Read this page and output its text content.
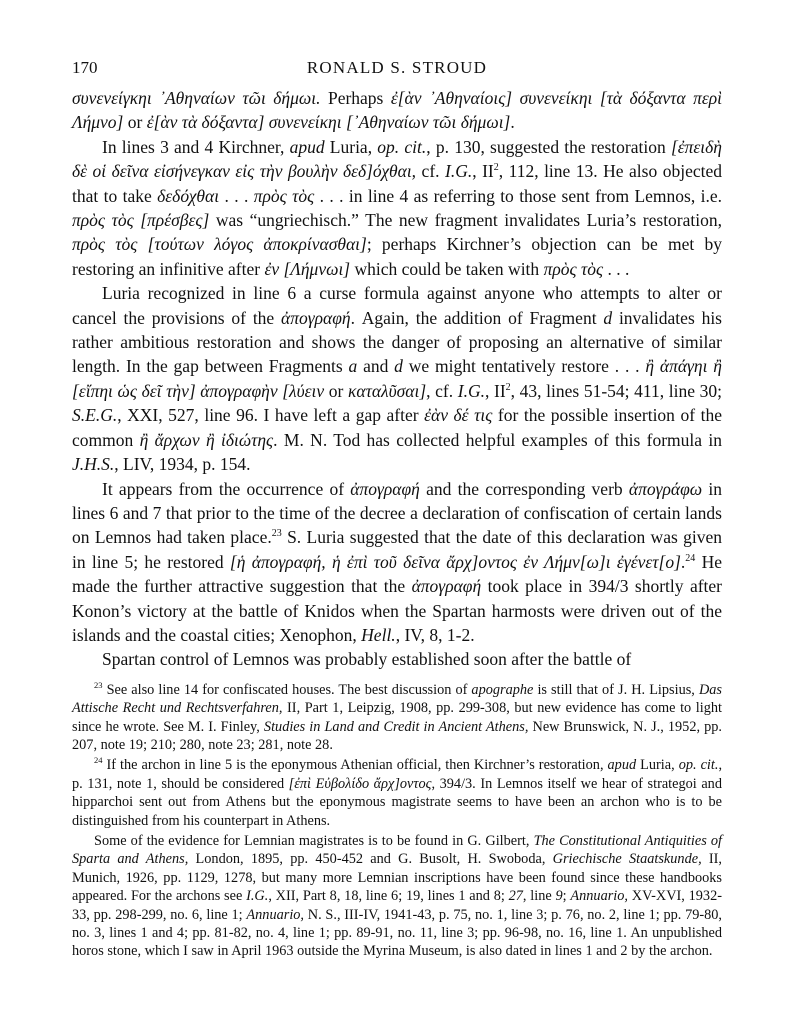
170	RONALD S. STROUD

συνενείγκηι ᾽Αθηναίων τῶι δήμωι. Perhaps ἐ[ὰν ᾽Αθηναίοις] συνενείκηι [τὰ δόξαντα περὶ Λήμνο] or ἐ[ὰν τὰ δόξαντα] συνενείκηι [᾽Αθηναίων τῶι δήμωι].

In lines 3 and 4 Kirchner, apud Luria, op. cit., p. 130, suggested the restoration [ἐπειδὴ δὲ οἱ δεῖνα εἰσήνεγκαν εἰς τὴν βουλὴν δεδ]όχθαι, cf. I.G., $II^2$, 112, line 13. He also objected that to take δεδόχθαι . . . πρὸς τὸς . . . in line 4 as referring to those sent from Lemnos, i.e. πρὸς τὸς [πρέσβες] was “ungriechisch.” The new fragment invalidates Luria’s restoration, πρὸς τὸς [τούτων λόγος ἀποκρίνασθαι]; perhaps Kirchner’s objection can be met by restoring an infinitive after ἐν [Λήμνωι] which could be taken with πρὸς τὸς . . .

Luria recognized in line 6 a curse formula against anyone who attempts to alter or cancel the provisions of the ἀπογραφή. Again, the addition of Fragment d invalidates his rather ambitious restoration and shows the danger of proposing an alternative of similar length. In the gap between Fragments a and d we might tentatively restore . . . ἢ ἀπάγηι ἢ [εἴπηι ὡς δεῖ τὴν] ἀπογραφὴν [λύειν or καταλῦσαι], cf. I.G., $II^2$, 43, lines 51-54; 411, line 30; S.E.G., XXI, 527, line 96. I have left a gap after ἐὰν δέ τις for the possible insertion of the common ἢ ἄρχων ἢ ἰδιώτης. M. N. Tod has collected helpful examples of this formula in J.H.S., LIV, 1934, p. 154.

It appears from the occurrence of ἀπογραφή and the corresponding verb ἀπογράφω in lines 6 and 7 that prior to the time of the decree a declaration of confiscation of certain lands on Lemnos had taken place.$^{23}$ S. Luria suggested that the date of this declaration was given in line 5; he restored [ἡ ἀπογραφή, ἡ ἐπὶ τοῦ δεῖνα ἄρχ]οντος ἐν Λήμν[ω]ι ἐγένετ[ο].$^{24}$ He made the further attractive suggestion that the ἀπογραφή took place in 394/3 shortly after Konon’s victory at the battle of Knidos when the Spartan harmosts were driven out of the islands and the coastal cities; Xenophon, Hell., IV, 8, 1-2.

Spartan control of Lemnos was probably established soon after the battle of

$^{23}$ See also line 14 for confiscated houses. The best discussion of apographe is still that of J. H. Lipsius, Das Attische Recht und Rechtsverfahren, II, Part 1, Leipzig, 1908, pp. 299-308, but new evidence has come to light since he wrote. See M. I. Finley, Studies in Land and Credit in Ancient Athens, New Brunswick, N. J., 1952, pp. 207, note 19; 210; 280, note 23; 281, note 28.

$^{24}$ If the archon in line 5 is the eponymous Athenian official, then Kirchner’s restoration, apud Luria, op. cit., p. 131, note 1, should be considered [ἐπὶ Εὐβολίδο ἄρχ]οντος, 394/3. In Lemnos itself we hear of strategoi and hipparchoi sent out from Athens but the eponymous magistrate seems to have been an archon who is to be distinguished from his counterpart in Athens.

Some of the evidence for Lemnian magistrates is to be found in G. Gilbert, The Constitutional Antiquities of Sparta and Athens, London, 1895, pp. 450-452 and G. Busolt, H. Swoboda, Griechische Staatskunde, II, Munich, 1926, pp. 1129, 1278, but many more Lemnian inscriptions have been found since these handbooks appeared. For the archons see I.G., XII, Part 8, 18, line 6; 19, lines 1 and 8; 27, line 9; Annuario, XV-XVI, 1932-33, pp. 298-299, no. 6, line 1; Annuario, N. S., III-IV, 1941-43, p. 75, no. 1, line 3; p. 76, no. 2, line 1; pp. 79-80, no. 3, lines 1 and 4; pp. 81-82, no. 4, line 1; pp. 89-91, no. 11, line 3; pp. 96-98, no. 16, line 1. An unpublished horos stone, which I saw in April 1963 outside the Myrina Museum, is also dated in lines 1 and 2 by the archon.
